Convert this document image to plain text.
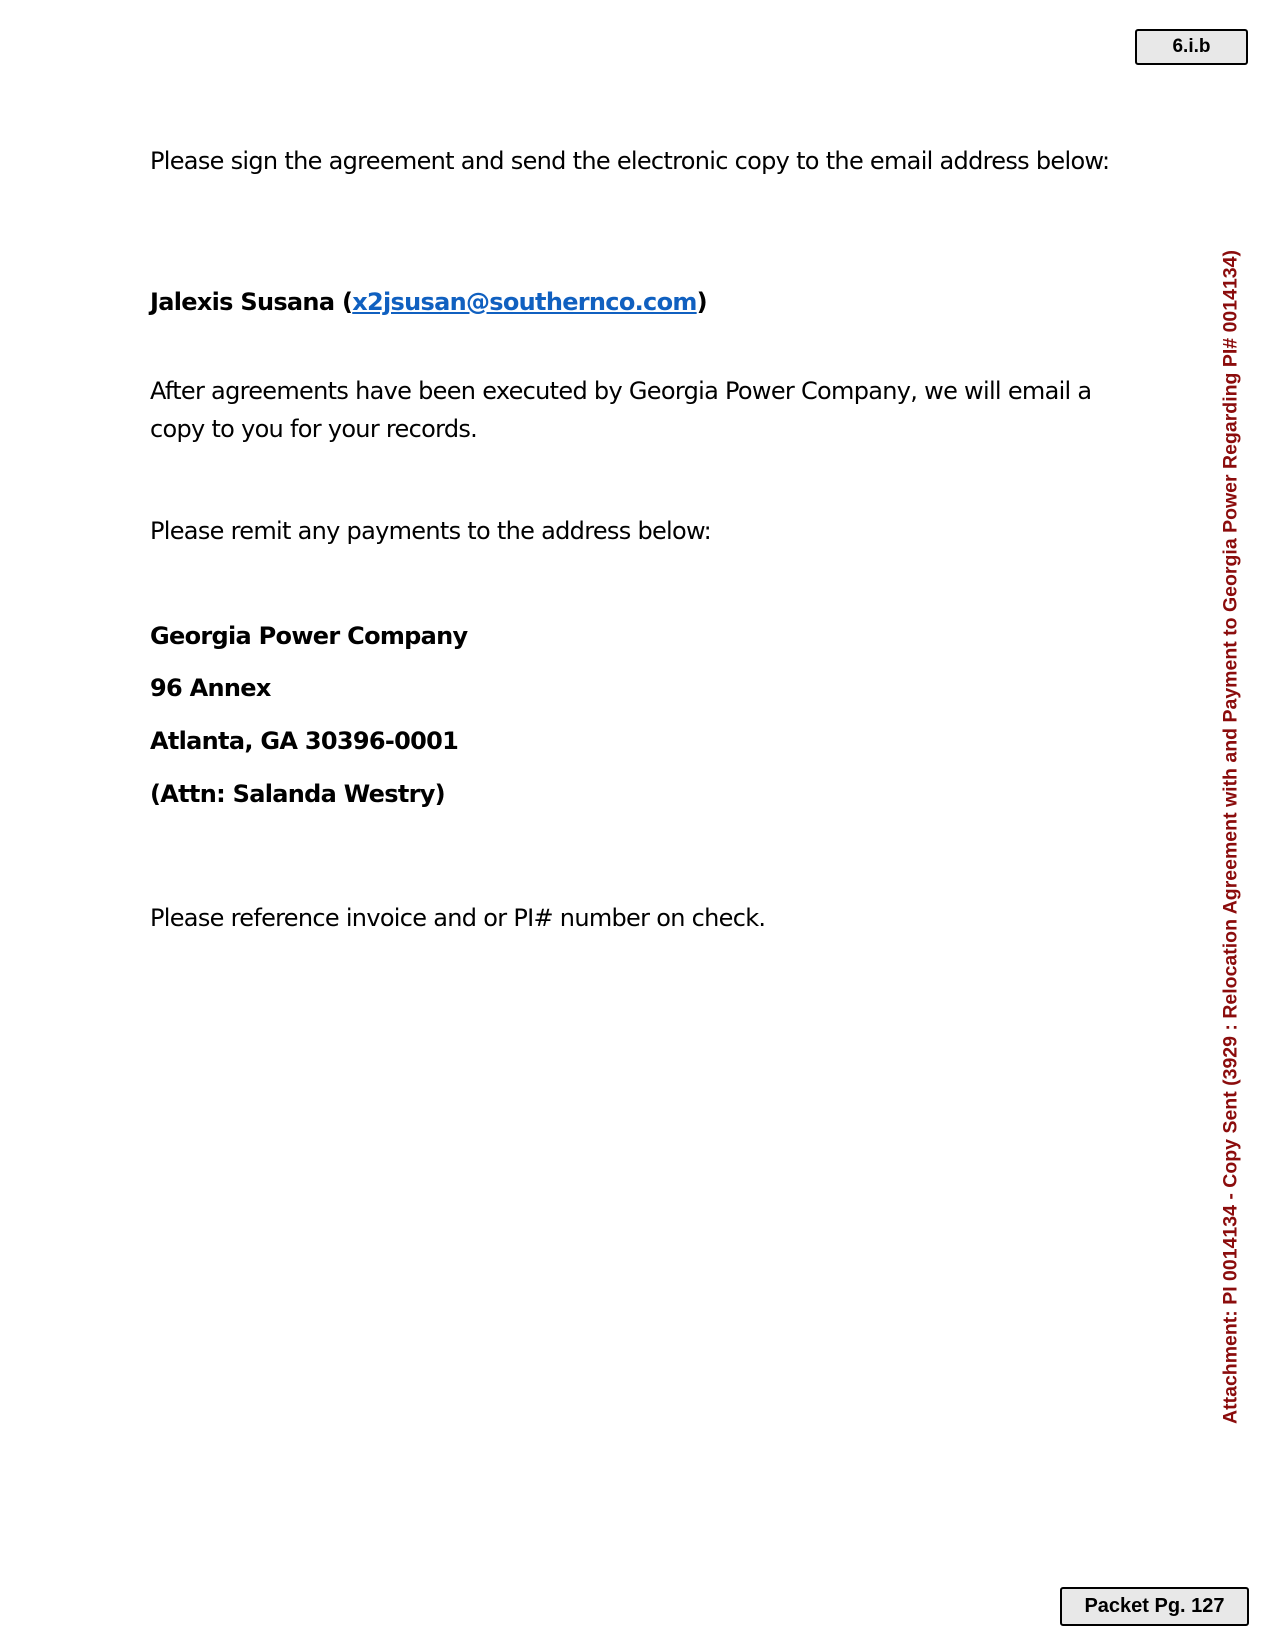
6.i.b
Attachment: PI 0014134 - Copy Sent (3929 : Relocation Agreement with and Payment to Georgia Power Regarding PI# 0014134)

Please sign the agreement and send the electronic copy to the email address below:

Jalexis Susana (x2jsusan@southernco.com)

After agreements have been executed by Georgia Power Company, we will email a copy to you for your records.

Please remit any payments to the address below:

Georgia Power Company

96 Annex

Atlanta, GA 30396-0001

(Attn: Salanda Westry)

Please reference invoice and or PI# number on check.

Packet Pg. 127
